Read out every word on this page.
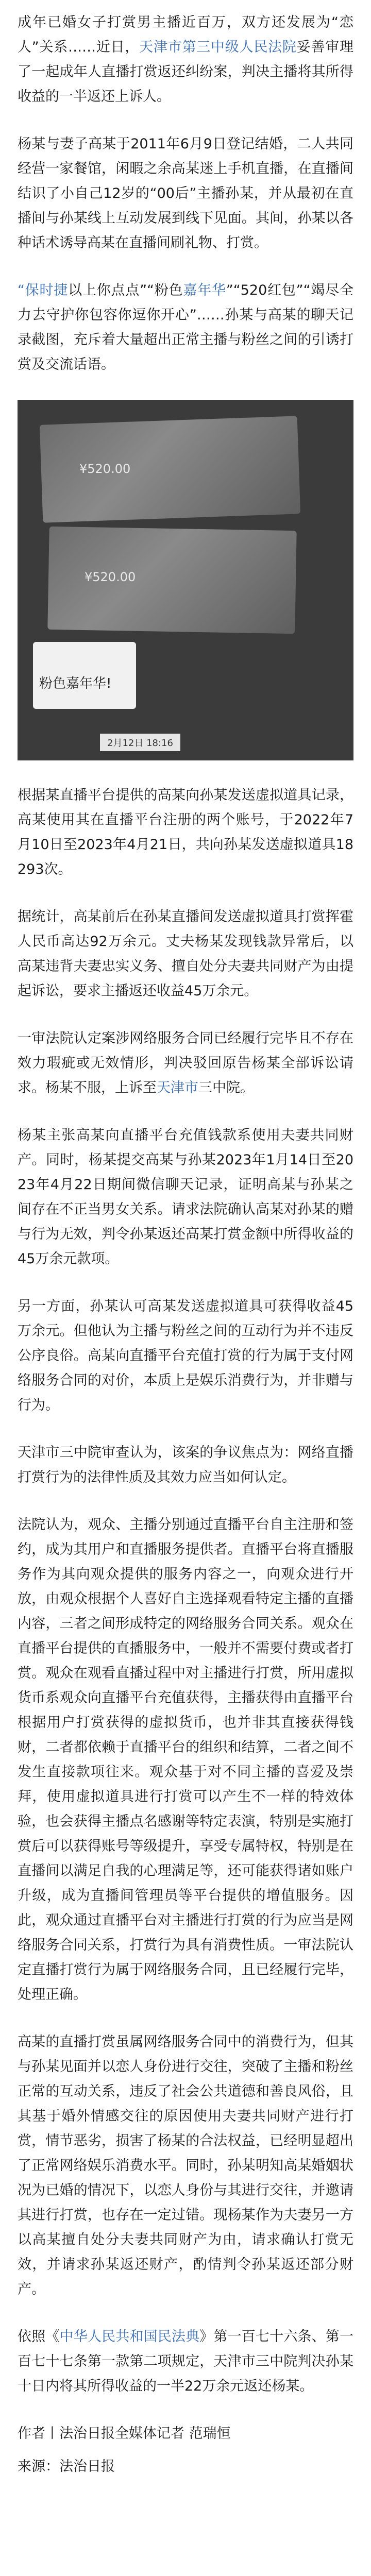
成年已婚女子打赏男主播近百万，双方还发展为“恋人”关系……近日，天津市第三中级人民法院妥善审理了一起成年人直播打赏返还纠纷案，判决主播将其所得收益的一半返还上诉人。

杨某与妻子高某于2011年6月9日登记结婚，二人共同经营一家餐馆，闲暇之余高某迷上手机直播，在直播间结识了小自己12岁的“00后”主播孙某，并从最初在直播间与孙某线上互动发展到线下见面。其间，孙某以各种话术诱导高某在直播间刷礼物、打赏。

“保时捷以上你点点”“粉色嘉年华”“520红包”“竭尽全力去守护你包容你逗你开心”……孙某与高某的聊天记录截图，充斥着大量超出正常主播与粉丝之间的引诱打赏及交流话语。

¥520.00
¥520.00
粉色嘉年华!
2月12日 18:16

根据某直播平台提供的高某向孙某发送虚拟道具记录，高某使用其在直播平台注册的两个账号，于2022年7月10日至2023年4月21日，共向孙某发送虚拟道具18293次。

据统计，高某前后在孙某直播间发送虚拟道具打赏挥霍人民币高达92万余元。丈夫杨某发现钱款异常后，以高某违背夫妻忠实义务、擅自处分夫妻共同财产为由提起诉讼，要求主播返还收益45万余元。

一审法院认定案涉网络服务合同已经履行完毕且不存在效力瑕疵或无效情形，判决驳回原告杨某全部诉讼请求。杨某不服，上诉至天津市三中院。

杨某主张高某向直播平台充值钱款系使用夫妻共同财产。同时，杨某提交高某与孙某2023年1月14日至2023年4月22日期间微信聊天记录，证明高某与孙某之间存在不正当男女关系。请求法院确认高某对孙某的赠与行为无效，判令孙某返还高某打赏金额中所得收益的45万余元款项。

另一方面，孙某认可高某发送虚拟道具可获得收益45万余元。但他认为主播与粉丝之间的互动行为并不违反公序良俗。高某向直播平台充值打赏的行为属于支付网络服务合同的对价，本质上是娱乐消费行为，并非赠与行为。

天津市三中院审查认为，该案的争议焦点为：网络直播打赏行为的法律性质及其效力应当如何认定。

法院认为，观众、主播分别通过直播平台自主注册和签约，成为其用户和直播服务提供者。直播平台将直播服务作为其向观众提供的服务内容之一，向观众进行开放，由观众根据个人喜好自主选择观看特定主播的直播内容，三者之间形成特定的网络服务合同关系。观众在直播平台提供的直播服务中，一般并不需要付费或者打赏。观众在观看直播过程中对主播进行打赏，所用虚拟货币系观众向直播平台充值获得，主播获得由直播平台根据用户打赏获得的虚拟货币，也并非其直接获得钱财，二者都依赖于直播平台的组织和结算，二者之间不发生直接款项往来。观众基于对不同主播的喜爱及崇拜，使用虚拟道具进行打赏可以产生不一样的特效体验，也会获得主播点名感谢等特定表演，特别是实施打赏后可以获得账号等级提升，享受专属特权，特别是在直播间以满足自我的心理满足等，还可能获得诸如账户升级，成为直播间管理员等平台提供的增值服务。因此，观众通过直播平台对主播进行打赏的行为应当是网络服务合同关系，打赏行为具有消费性质。一审法院认定直播打赏行为属于网络服务合同，且已经履行完毕，处理正确。

高某的直播打赏虽属网络服务合同中的消费行为，但其与孙某见面并以恋人身份进行交往，突破了主播和粉丝正常的互动关系，违反了社会公共道德和善良风俗，且其基于婚外情感交往的原因使用夫妻共同财产进行打赏，情节恶劣，损害了杨某的合法权益，已经明显超出了正常网络娱乐消费水平。同时，孙某明知高某婚姻状况为已婚的情况下，以恋人身份与其进行交往，并邀请其进行打赏，也存在一定过错。现杨某作为夫妻另一方以高某擅自处分夫妻共同财产为由，请求确认打赏无效，并请求孙某返还财产，酌情判令孙某返还部分财产。

依照《中华人民共和国民法典》第一百七十六条、第一百七十七条第一款第二项规定，天津市三中院判决孙某十日内将其所得收益的一半22万余元返还杨某。

作者丨法治日报全媒体记者 范瑞恒

来源：法治日报
